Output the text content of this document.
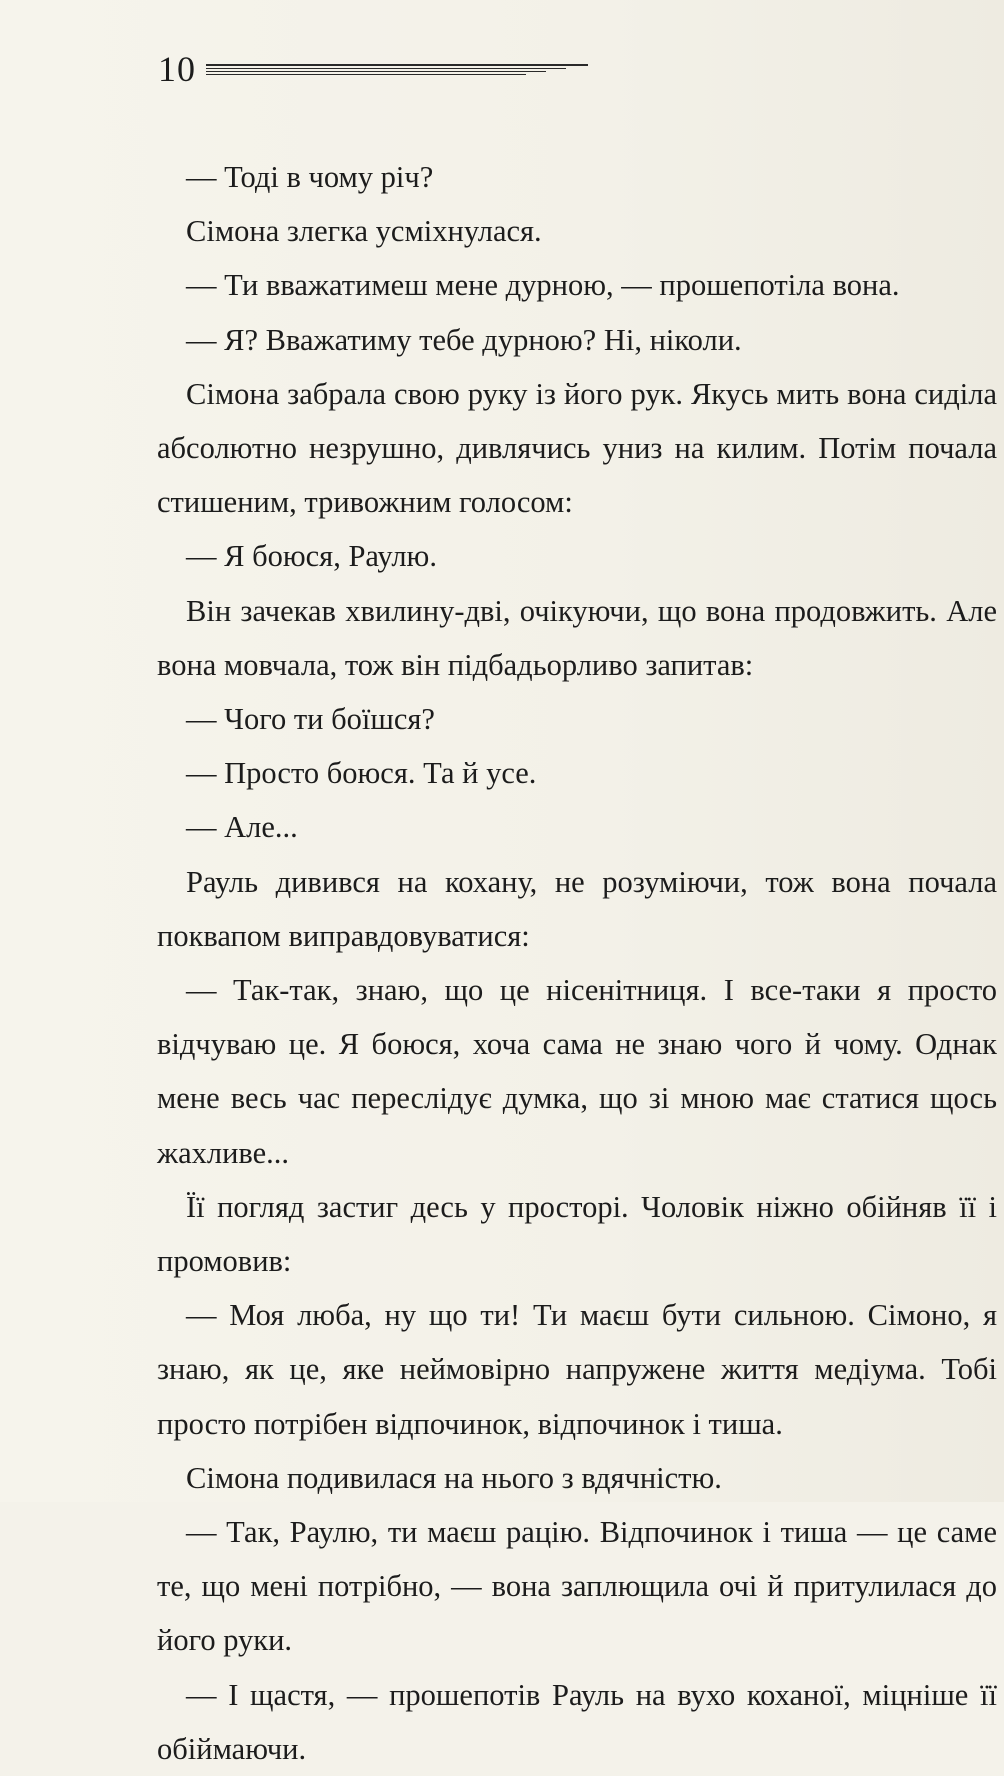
10

— Тоді в чому річ?

Сімона злегка усміхнулася.

— Ти вважатимеш мене дурною, — прошепотіла вона.

— Я? Вважатиму тебе дурною? Ні, ніколи.

Сімона забрала свою руку із його рук. Якусь мить вона сиділа абсолютно незрушно, дивлячись униз на килим. Потім почала стишеним, тривожним голосом:

— Я боюся, Раулю.

Він зачекав хвилину-дві, очікуючи, що вона продовжить. Але вона мовчала, тож він підбадьорливо запитав:

— Чого ти боїшся?

— Просто боюся. Та й усе.

— Але...

Рауль дивився на кохану, не розуміючи, тож вона почала поквапом виправдовуватися:

— Так-так, знаю, що це нісенітниця. І все-таки я просто відчуваю це. Я боюся, хоча сама не знаю чого й чому. Однак мене весь час переслідує думка, що зі мною має статися щось жахливе...

Її погляд застиг десь у просторі. Чоловік ніжно обійняв її і промовив:

— Моя люба, ну що ти! Ти маєш бути сильною. Сімоно, я знаю, як це, яке неймовірно напружене життя медіума. Тобі просто потрібен відпочинок, відпочинок і тиша.

Сімона подивилася на нього з вдячністю.

— Так, Раулю, ти маєш рацію. Відпочинок і тиша — це саме те, що мені потрібно, — вона заплющила очі й притулилася до його руки.

— І щастя, — прошепотів Рауль на вухо коханої, міцніше її обіймаючи.
